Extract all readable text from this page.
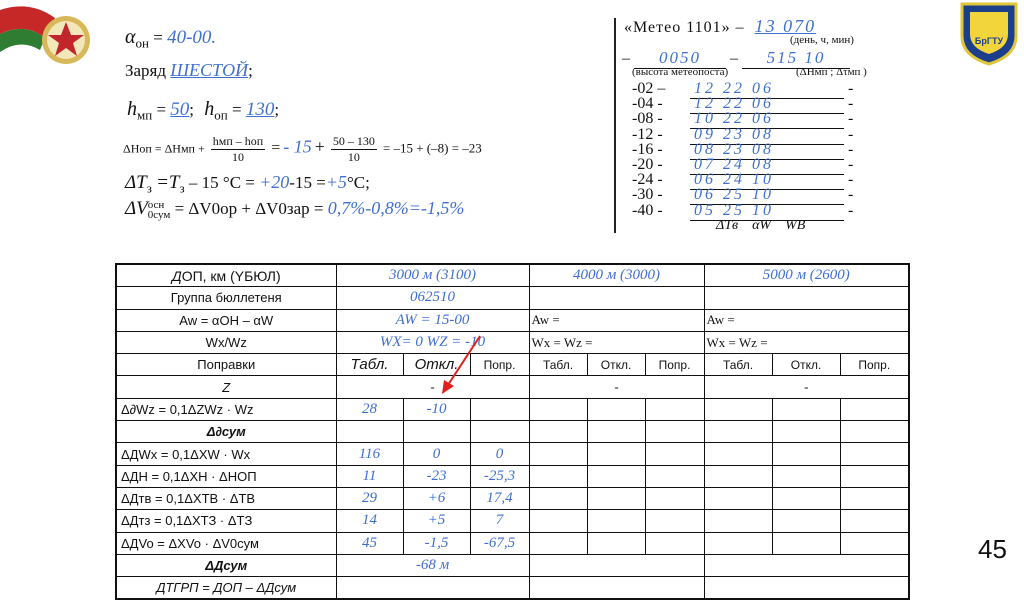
БрГТУ
$\alpha_{он} = 40-00$.
Заряд ШЕСТОЙ;
$h_{мп} = 50$; $h_{оп} = 130$;
ΔHоп = ΔHмп +
hмп – hоп
10
= - $15 + \frac{50 - 130}{10} = -15 + (-8) = -23$
$\Delta T_з =T_з - 15$ °C = +20-15 =+5°C;
ΔV осн
0сум = ΔV0ор + ΔV0зар = 0,7%-0,8%=-1,5%
«Метео 1101» – 13 070
(день, ч, мин)
– 0050 – 515 10
(высота метеопоста)	(ΔHмп ; Δτмп )
-02 – 12 22 06	-
-04 - 12 22 06	-
-08 - 10 22 06	-
-12 - 09 23 08	-
-16 - 08 23 08	-
-20 - 07 24 08	-
-24 - 06 24 10	-
-30 - 06 25 10	-
-40 - 05 25 10	-
ΔTв    αW    WВ
ДОП, км (YБЮЛ)	3000 м (3100)			4000 м (3000)			5000 м (2600)		
Группа бюллетеня	062510								
Aw = αОН – αW	AW = 15-00			Aw =			Aw =		
Wx/Wz	WX= 0 WZ = -10			Wx = Wz =			Wx = Wz =		
Поправки	Табл.	Откл.	Попр.	Табл.	Откл.	Попр.	Табл.	Откл.	Попр.
Z	-			-			-		
Δ∂Wz = 0,1ΔZWz · Wz	28	-10							
Δ∂сум									
ΔДWx = 0,1ΔXW · Wx	116	0	0						
ΔДH = 0,1ΔXH · ΔHОП	11	-23	-25,3						
ΔДтв = 0,1ΔXТВ · ΔTВ	29	+6	17,4						
ΔДтз = 0,1ΔXТЗ · ΔTЗ	14	+5	7						
ΔДVo = ΔXVo · ΔV0сум	45	-1,5	-67,5						
ΔДсум	-68 м								
ДТГРП = ДОП – ΔДсум									
45
